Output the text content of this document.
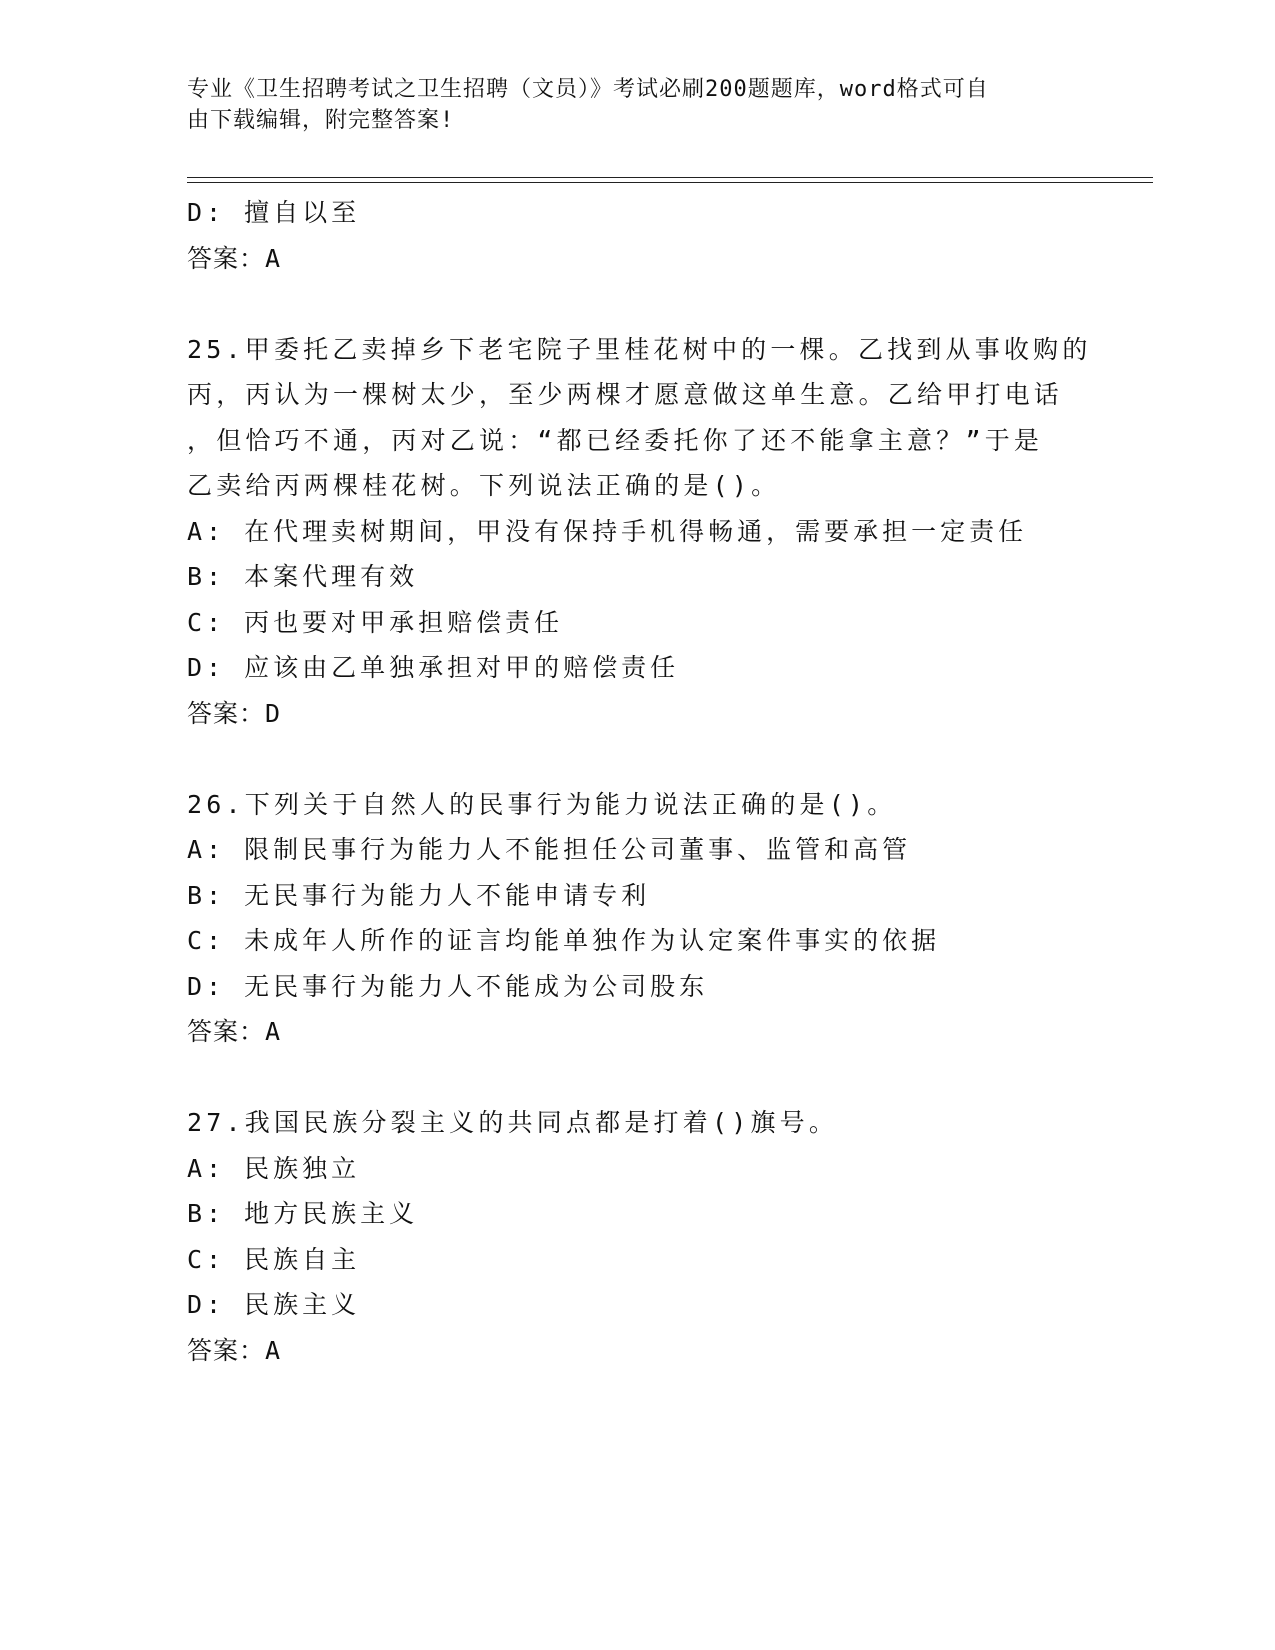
专业《卫生招聘考试之卫生招聘（文员）》考试必刷200题题库，word格式可自
由下载编辑，附完整答案!
D: 擅自以至
答案：A
25.甲委托乙卖掉乡下老宅院子里桂花树中的一棵。乙找到从事收购的
丙，丙认为一棵树太少，至少两棵才愿意做这单生意。乙给甲打电话
，但恰巧不通，丙对乙说：“都已经委托你了还不能拿主意？”于是
乙卖给丙两棵桂花树。下列说法正确的是()。
A: 在代理卖树期间，甲没有保持手机得畅通，需要承担一定责任
B: 本案代理有效
C: 丙也要对甲承担赔偿责任
D: 应该由乙单独承担对甲的赔偿责任
答案：D
26.下列关于自然人的民事行为能力说法正确的是()。
A: 限制民事行为能力人不能担任公司董事、监管和高管
B: 无民事行为能力人不能申请专利
C: 未成年人所作的证言均能单独作为认定案件事实的依据
D: 无民事行为能力人不能成为公司股东
答案：A
27.我国民族分裂主义的共同点都是打着()旗号。
A: 民族独立
B: 地方民族主义
C: 民族自主
D: 民族主义
答案：A
